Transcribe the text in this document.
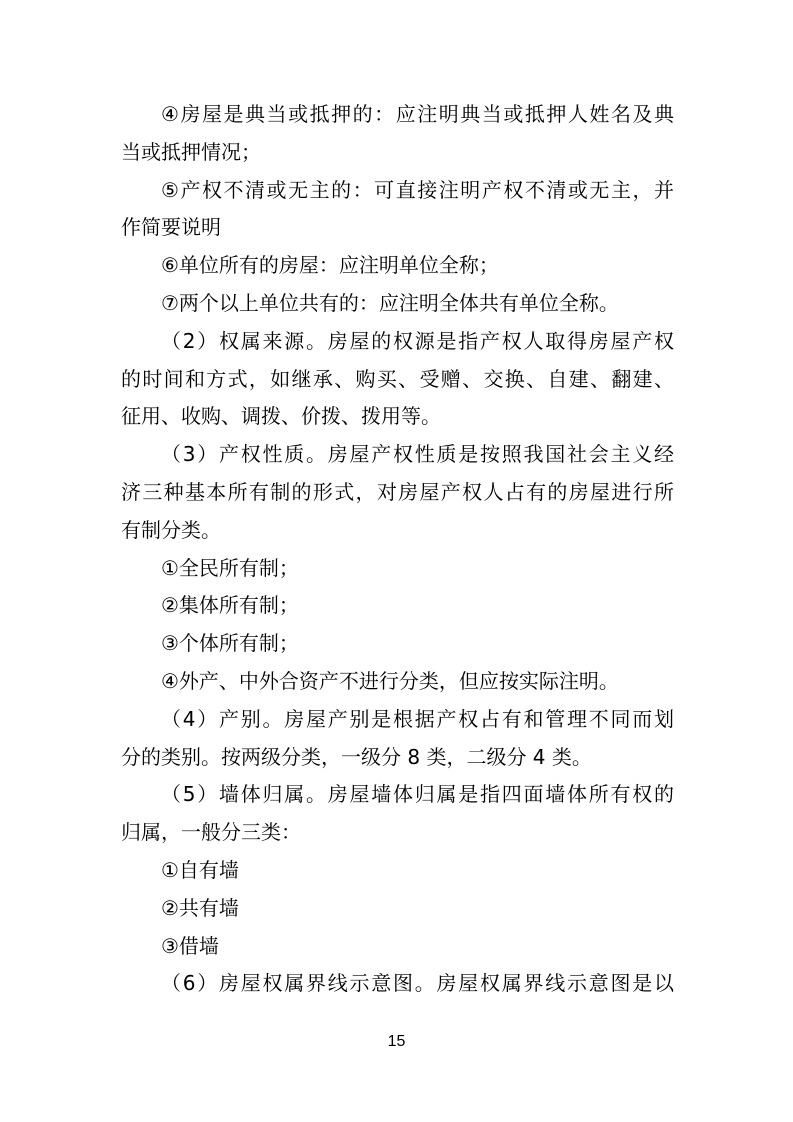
④房屋是典当或抵押的：应注明典当或抵押人姓名及典
当或抵押情况；
⑤产权不清或无主的：可直接注明产权不清或无主，并
作简要说明
⑥单位所有的房屋：应注明单位全称；
⑦两个以上单位共有的：应注明全体共有单位全称。
（2）权属来源。房屋的权源是指产权人取得房屋产权
的时间和方式，如继承、购买、受赠、交换、自建、翻建、
征用、收购、调拨、价拨、拨用等。
（3）产权性质。房屋产权性质是按照我国社会主义经
济三种基本所有制的形式，对房屋产权人占有的房屋进行所
有制分类。
①全民所有制；
②集体所有制；
③个体所有制；
④外产、中外合资产不进行分类，但应按实际注明。
（4）产别。房屋产别是根据产权占有和管理不同而划
分的类别。按两级分类，一级分 8 类，二级分 4 类。
（5）墙体归属。房屋墙体归属是指四面墙体所有权的
归属，一般分三类：
①自有墙
②共有墙
③借墙
（6）房屋权属界线示意图。房屋权属界线示意图是以
15
